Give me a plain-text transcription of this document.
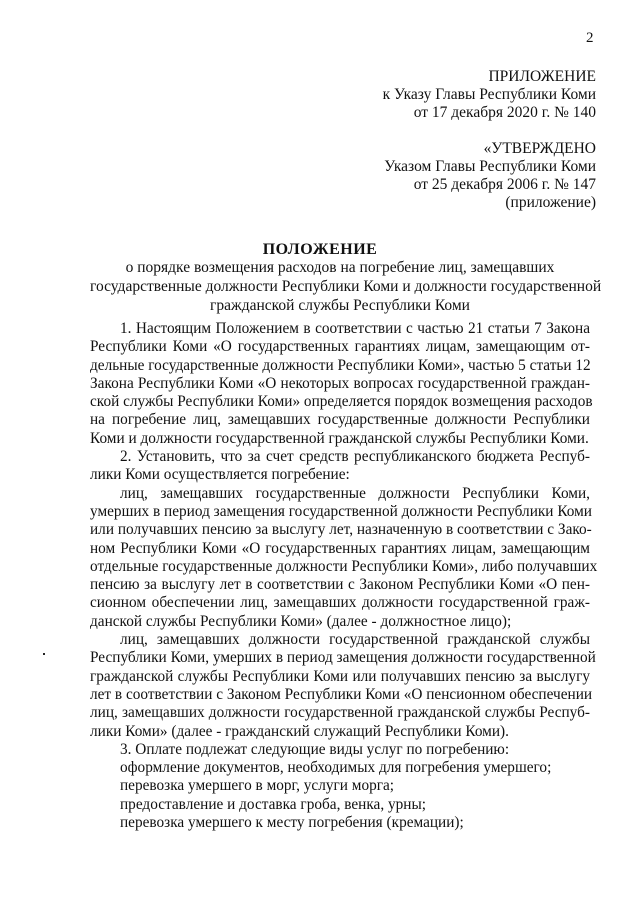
2
ПРИЛОЖЕНИЕ
к Указу Главы Республики Коми
от 17 декабря 2020 г. № 140
«УТВЕРЖДЕНО
Указом Главы Республики Коми
от 25 декабря 2006 г. № 147
(приложение)
ПОЛОЖЕНИЕ
о порядке возмещения расходов на погребение лиц, замещавших
государственные должности Республики Коми и должности государственной
гражданской службы Республики Коми
1. Настоящим Положением в соответствии с частью 21 статьи 7 Закона
Республики Коми «О государственных гарантиях лицам, замещающим от-
дельные государственные должности Республики Коми», частью 5 статьи 12
Закона Республики Коми «О некоторых вопросах государственной граждан-
ской службы Республики Коми» определяется порядок возмещения расходов
на погребение лиц, замещавших государственные должности Республики
Коми и должности государственной гражданской службы Республики Коми.
2. Установить, что за счет средств республиканского бюджета Респуб-
лики Коми осуществляется погребение:
лиц, замещавших государственные должности Республики Коми,
умерших в период замещения государственной должности Республики Коми
или получавших пенсию за выслугу лет, назначенную в соответствии с Зако-
ном Республики Коми «О государственных гарантиях лицам, замещающим
отдельные государственные должности Республики Коми», либо получавших
пенсию за выслугу лет в соответствии с Законом Республики Коми «О пен-
сионном обеспечении лиц, замещавших должности государственной граж-
данской службы Республики Коми» (далее - должностное лицо);
лиц, замещавших должности государственной гражданской службы
Республики Коми, умерших в период замещения должности государственной
гражданской службы Республики Коми или получавших пенсию за выслугу
лет в соответствии с Законом Республики Коми «О пенсионном обеспечении
лиц, замещавших должности государственной гражданской службы Респуб-
лики Коми» (далее - гражданский служащий Республики Коми).
3. Оплате подлежат следующие виды услуг по погребению:
оформление документов, необходимых для погребения умершего;
перевозка умершего в морг, услуги морга;
предоставление и доставка гроба, венка, урны;
перевозка умершего к месту погребения (кремации);
